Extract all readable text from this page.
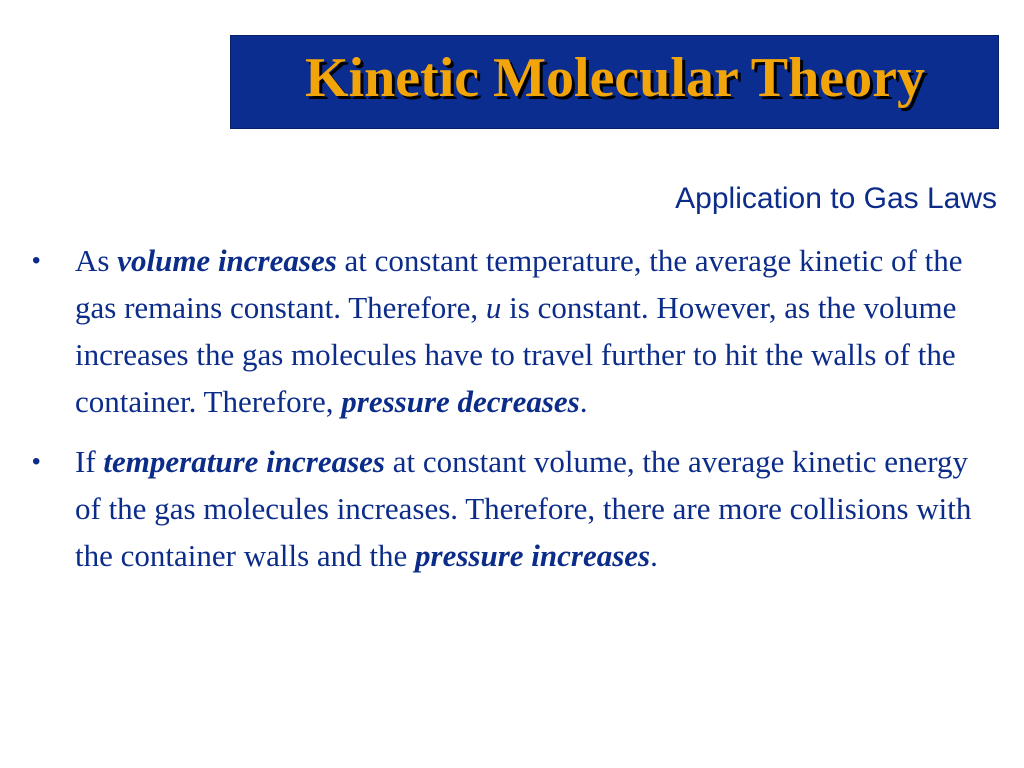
Kinetic Molecular Theory
Application to Gas Laws
• As volume increases at constant temperature, the average kinetic of the gas remains constant. Therefore, u is constant. However, as the volume increases the gas molecules have to travel further to hit the walls of the container. Therefore, pressure decreases.
• If temperature increases at constant volume, the average kinetic energy of the gas molecules increases. Therefore, there are more collisions with the container walls and the pressure increases.
